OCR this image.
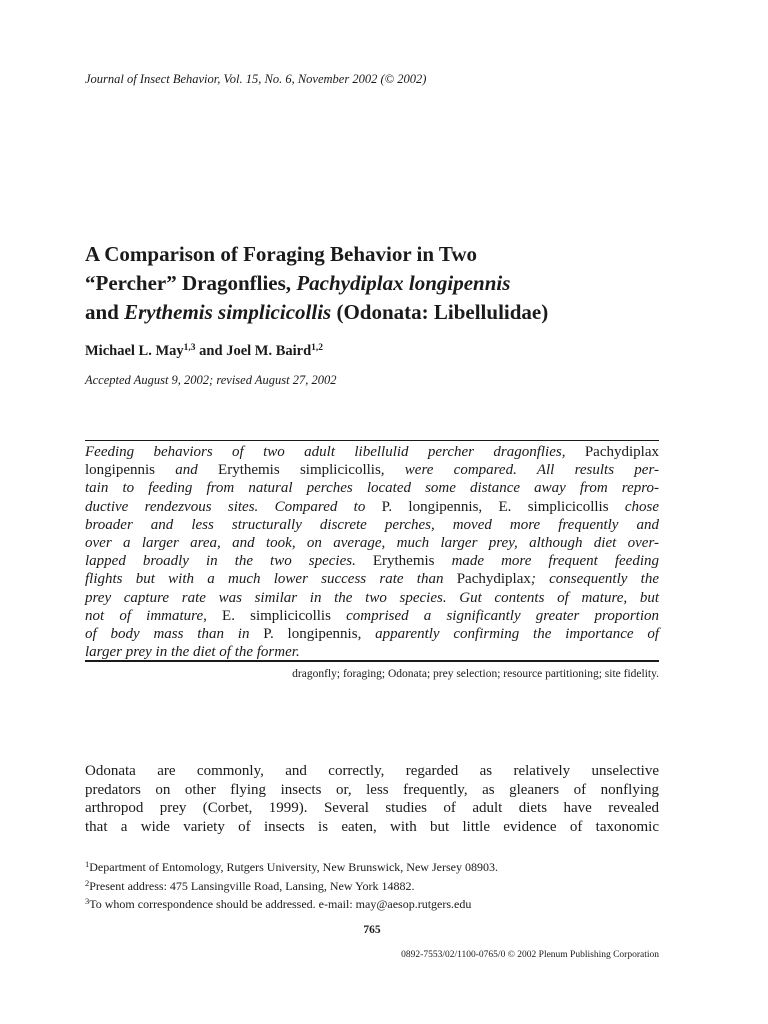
Journal of Insect Behavior, Vol. 15, No. 6, November 2002 (© 2002)
A Comparison of Foraging Behavior in Two
“Percher” Dragonflies, Pachydiplax longipennis
and Erythemis simplicicollis (Odonata: Libellulidae)
Michael L. May$^{1,3}$ and Joel M. Baird$^{1,2}$
Accepted August 9, 2002; revised August 27, 2002
Feeding behaviors of two adult libellulid percher dragonflies, Pachydiplax
longipennis and Erythemis simplicicollis, were compared. All results per-
tain to feeding from natural perches located some distance away from repro-
ductive rendezvous sites. Compared to P. longipennis, E. simplicicollis chose
broader and less structurally discrete perches, moved more frequently and
over a larger area, and took, on average, much larger prey, although diet over-
lapped broadly in the two species. Erythemis made more frequent feeding
flights but with a much lower success rate than Pachydiplax; consequently the
prey capture rate was similar in the two species. Gut contents of mature, but
not of immature, E. simplicicollis comprised a significantly greater proportion
of body mass than in P. longipennis, apparently confirming the importance of
larger prey in the diet of the former.
dragonfly; foraging; Odonata; prey selection; resource partitioning; site fidelity.
Odonata are commonly, and correctly, regarded as relatively unselective
predators on other flying insects or, less frequently, as gleaners of nonflying
arthropod prey (Corbet, 1999). Several studies of adult diets have revealed
that a wide variety of insects is eaten, with but little evidence of taxonomic
$^1$Department of Entomology, Rutgers University, New Brunswick, New Jersey 08903.
$^2$Present address: 475 Lansingville Road, Lansing, New York 14882.
$^3$To whom correspondence should be addressed. e-mail: may@aesop.rutgers.edu
765
0892-7553/02/1100-0765/0 © 2002 Plenum Publishing Corporation
